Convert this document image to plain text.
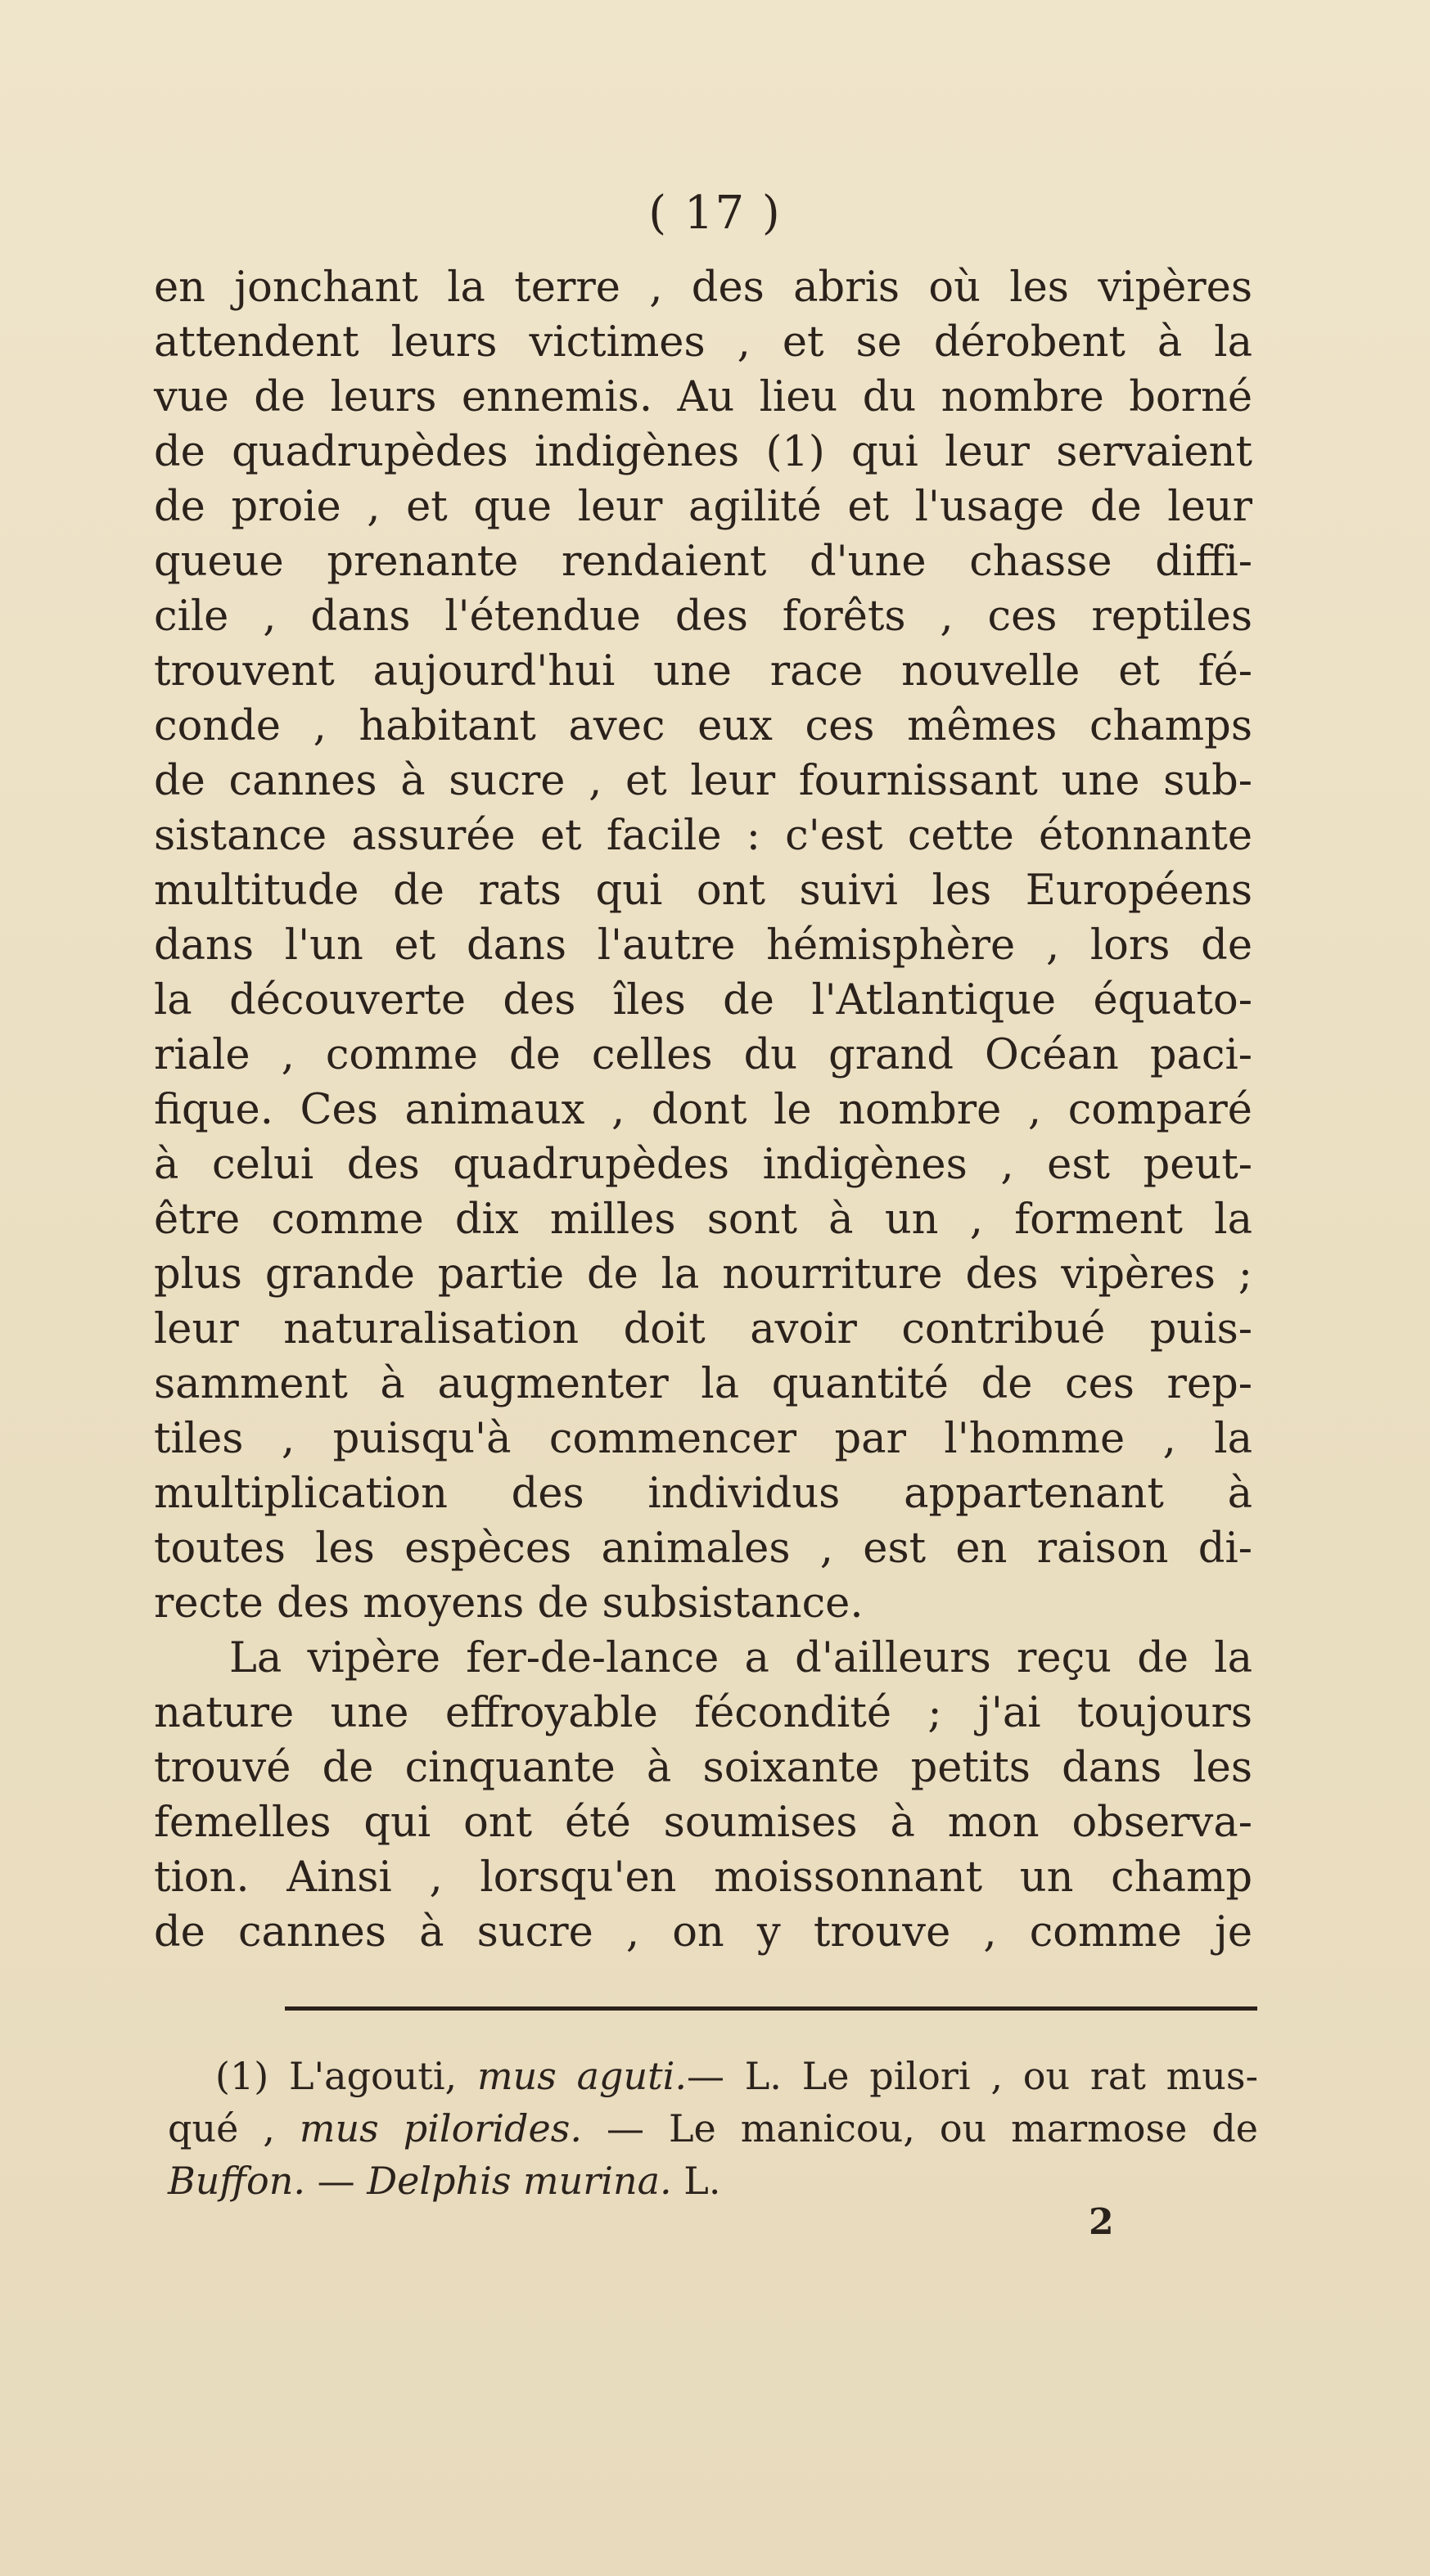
( 17 )
en jonchant la terre , des abris où les vipères
attendent leurs victimes , et se dérobent à la
vue de leurs ennemis. Au lieu du nombre borné
de quadrupèdes indigènes (1) qui leur servaient
de proie , et que leur agilité et l'usage de leur
queue prenante rendaient d'une chasse diffi-
cile , dans l'étendue des forêts , ces reptiles
trouvent aujourd'hui une race nouvelle et fé-
conde , habitant avec eux ces mêmes champs
de cannes à sucre , et leur fournissant une sub-
sistance assurée et facile : c'est cette étonnante
multitude de rats qui ont suivi les Européens
dans l'un et dans l'autre hémisphère , lors de
la découverte des îles de l'Atlantique équato-
riale , comme de celles du grand Océan paci-
fique. Ces animaux , dont le nombre , comparé
à celui des quadrupèdes indigènes , est peut-
être comme dix milles sont à un , forment la
plus grande partie de la nourriture des vipères ;
leur naturalisation doit avoir contribué puis-
samment à augmenter la quantité de ces rep-
tiles , puisqu'à commencer par l'homme , la
multiplication des individus appartenant à
toutes les espèces animales , est en raison di-
recte des moyens de subsistance.
La vipère fer-de-lance a d'ailleurs reçu de la
nature une effroyable fécondité ; j'ai toujours
trouvé de cinquante à soixante petits dans les
femelles qui ont été soumises à mon observa-
tion. Ainsi , lorsqu'en moissonnant un champ
de cannes à sucre , on y trouve , comme je
(1) L'agouti, mus aguti.— L. Le pilori , ou rat mus-
qué , mus pilorides. — Le manicou, ou marmose de
Buffon. — Delphis murina. L.
2
